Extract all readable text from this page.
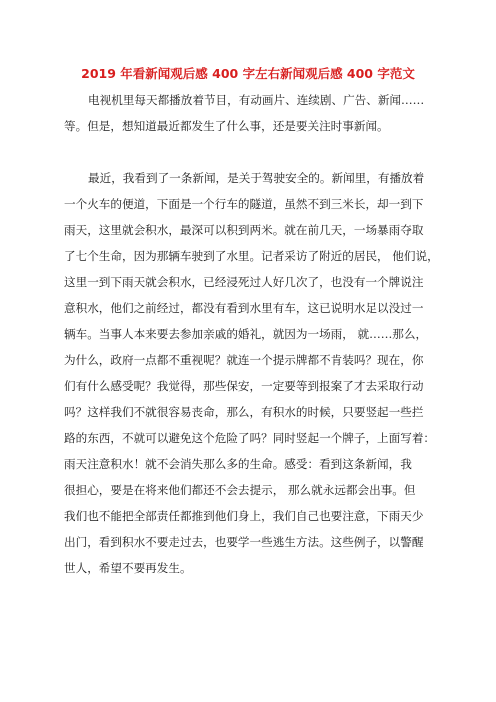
2019 年看新闻观后感 400 字左右新闻观后感 400 字范文

电视机里每天都播放着节目，有动画片、连续剧、广告、新闻……

等。但是，想知道最近都发生了什么事，还是要关注时事新闻。

最近，我看到了一条新闻，是关于驾驶安全的。新闻里，有播放着

一个火车的便道，下面是一个行车的隧道，虽然不到三米长，却一到下

雨天，这里就会积水，最深可以积到两米。就在前几天，一场暴雨夺取

了七个生命，因为那辆车驶到了水里。记者采访了附近的居民， 他们说，

这里一到下雨天就会积水，已经浸死过人好几次了，也没有一个牌说注

意积水，他们之前经过，都没有看到水里有车，这已说明水足以没过一

辆车。当事人本来要去参加亲戚的婚礼，就因为一场雨， 就……那么，

为什么，政府一点都不重视呢？就连一个提示牌都不肯装吗？现在，你

们有什么感受呢？我觉得，那些保安，一定要等到报案了才去采取行动

吗？这样我们不就很容易丧命，那么，有积水的时候，只要竖起一些拦

路的东西，不就可以避免这个危险了吗？同时竖起一个牌子，上面写着：

雨天注意积水！就不会消失那么多的生命。感受：看到这条新闻，我

很担心，要是在将来他们都还不会去提示， 那么就永远都会出事。但

我们也不能把全部责任都推到他们身上，我们自己也要注意，下雨天少

出门，看到积水不要走过去，也要学一些逃生方法。这些例子，以警醒

世人，希望不要再发生。
